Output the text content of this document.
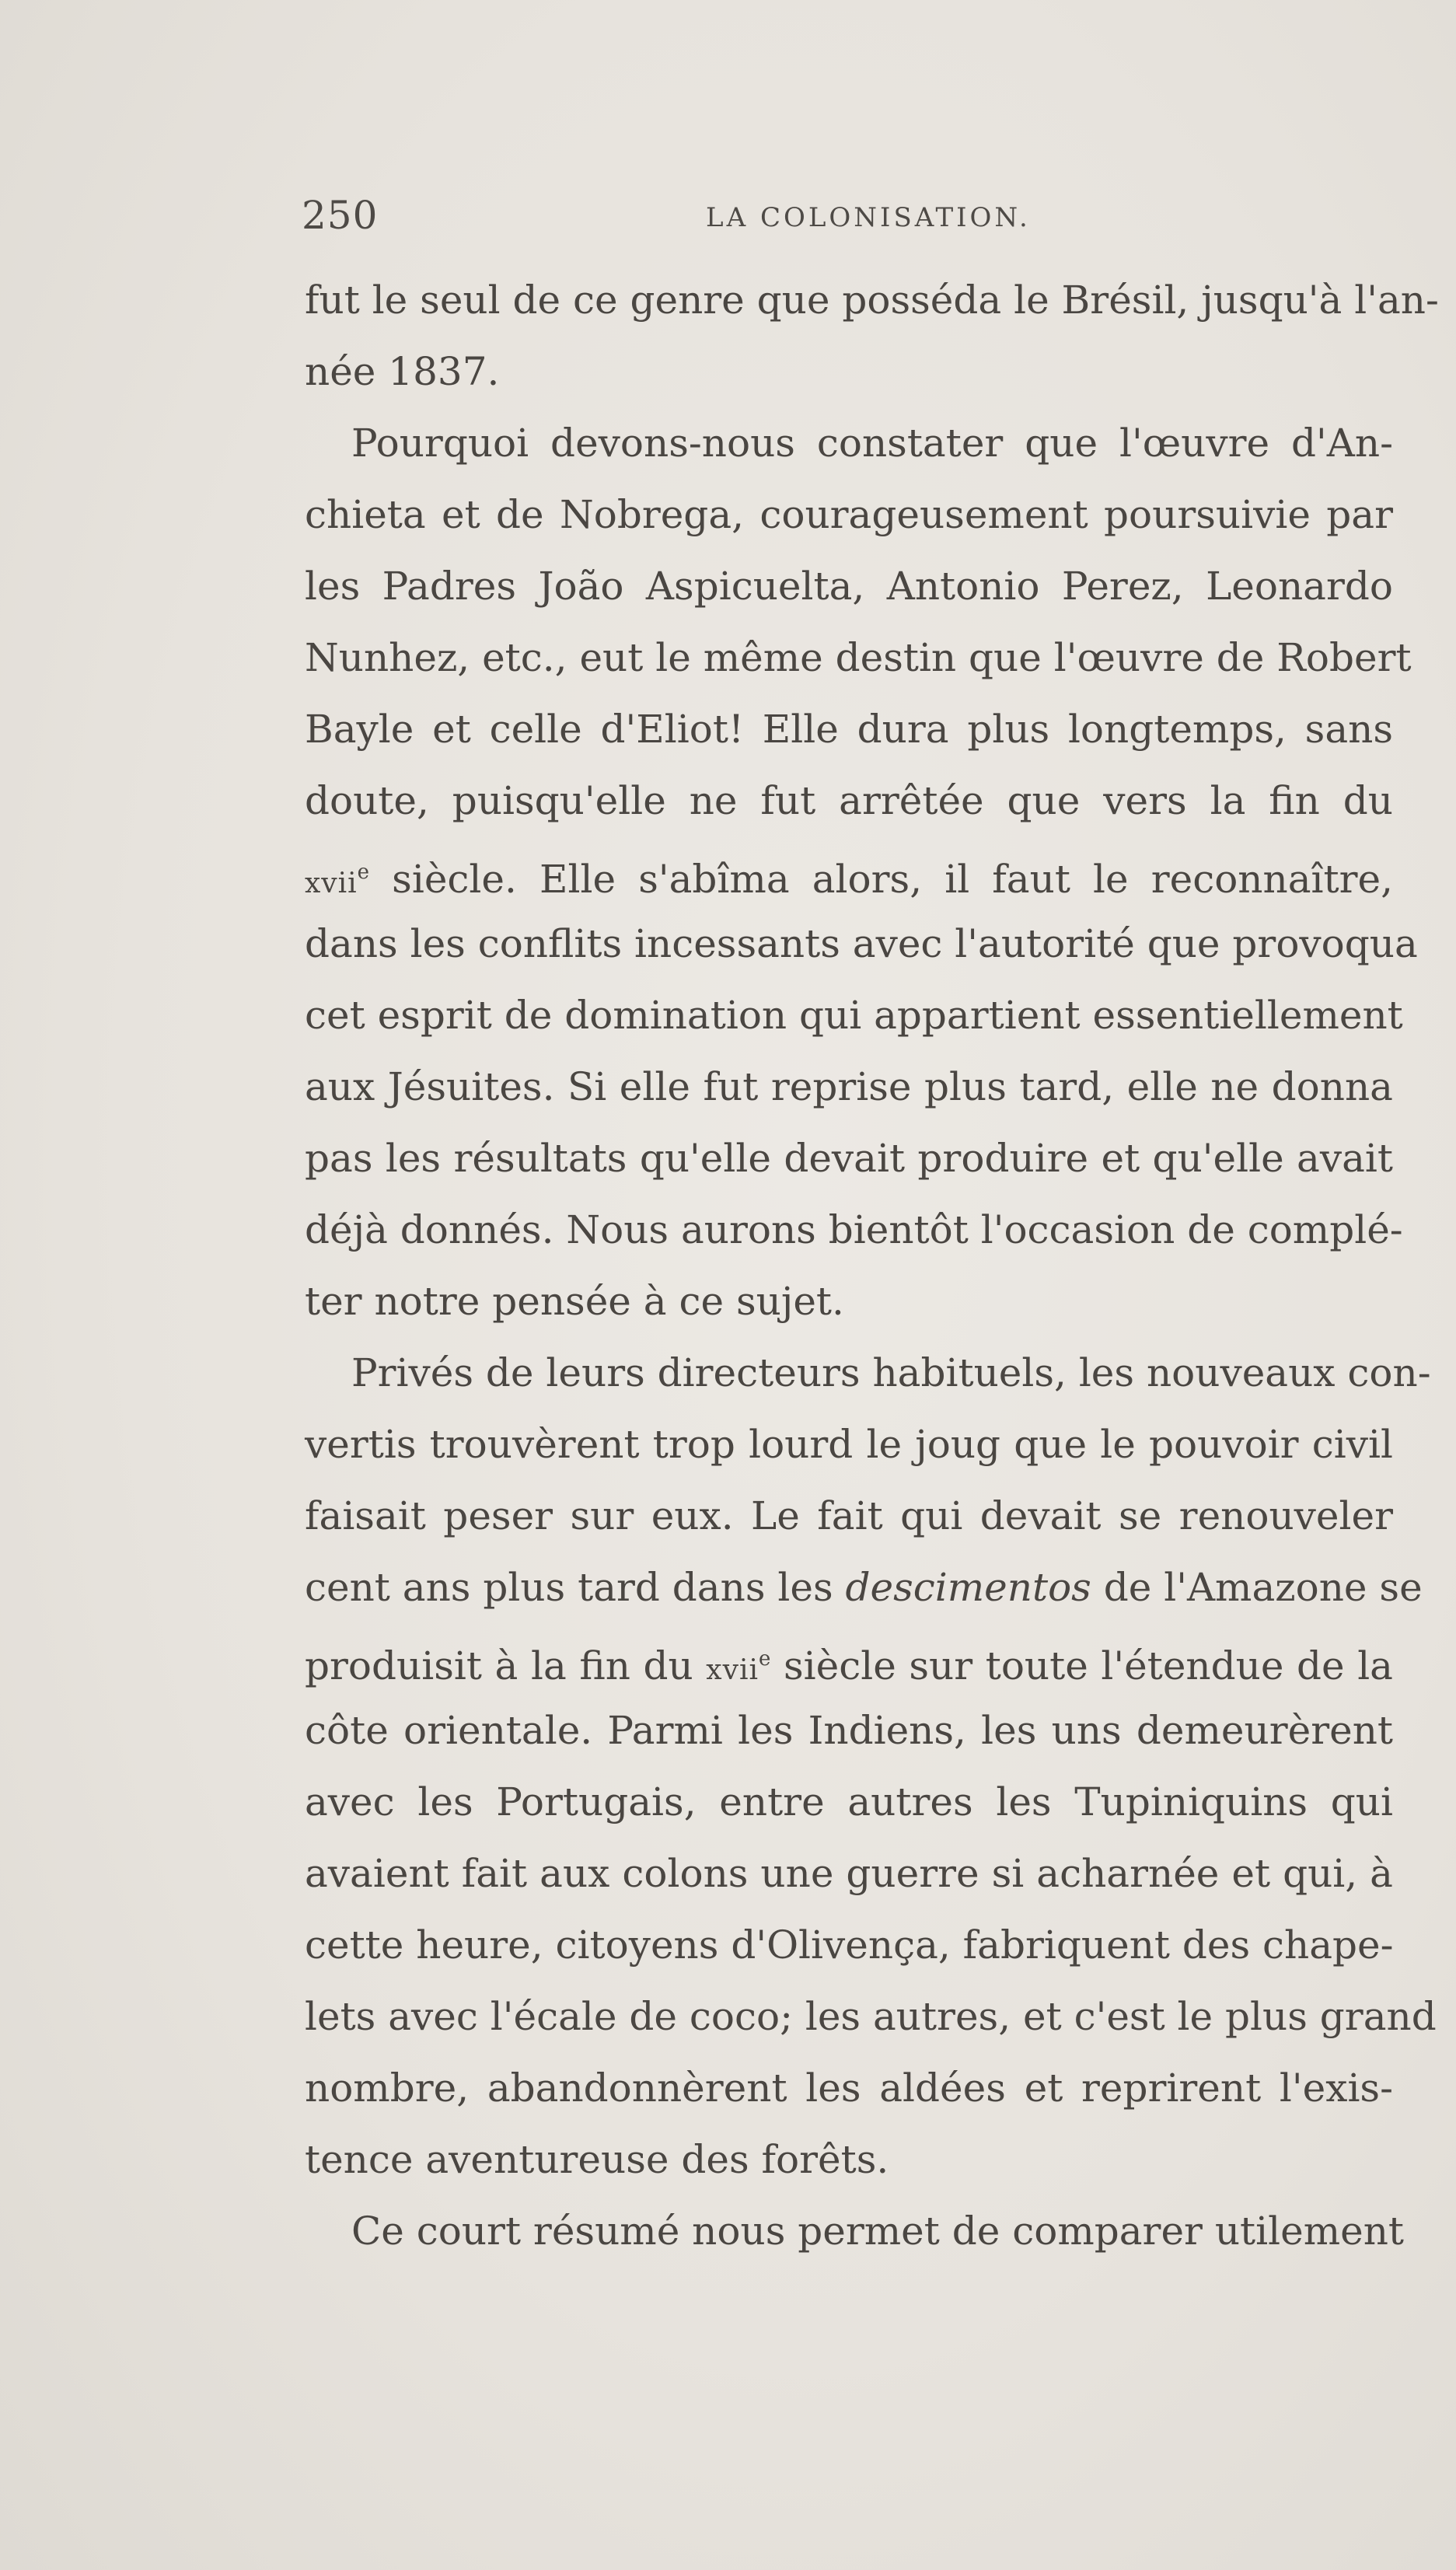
250	LA COLONISATION.
fut le seul de ce genre que posséda le Brésil, jusqu'à l'an-
née 1837.
Pourquoi devons-nous constater que l'œuvre d'An-
chieta et de Nobrega, courageusement poursuivie par
les Padres João Aspicuelta, Antonio Perez, Leonardo
Nunhez, etc., eut le même destin que l'œuvre de Robert
Bayle et celle d'Eliot! Elle dura plus longtemps, sans
doute, puisqu'elle ne fut arrêtée que vers la fin du
xvii$^e$ siècle. Elle s'abîma alors, il faut le reconnaître,
dans les conflits incessants avec l'autorité que provoqua
cet esprit de domination qui appartient essentiellement
aux Jésuites. Si elle fut reprise plus tard, elle ne donna
pas les résultats qu'elle devait produire et qu'elle avait
déjà donnés. Nous aurons bientôt l'occasion de complé-
ter notre pensée à ce sujet.
Privés de leurs directeurs habituels, les nouveaux con-
vertis trouvèrent trop lourd le joug que le pouvoir civil
faisait peser sur eux. Le fait qui devait se renouveler
cent ans plus tard dans les descimentos de l'Amazone se
produisit à la fin du xvii$^e$ siècle sur toute l'étendue de la
côte orientale. Parmi les Indiens, les uns demeurèrent
avec les Portugais, entre autres les Tupiniquins qui
avaient fait aux colons une guerre si acharnée et qui, à
cette heure, citoyens d'Olivença, fabriquent des chape-
lets avec l'écale de coco; les autres, et c'est le plus grand
nombre, abandonnèrent les aldées et reprirent l'exis-
tence aventureuse des forêts.
Ce court résumé nous permet de comparer utilement
